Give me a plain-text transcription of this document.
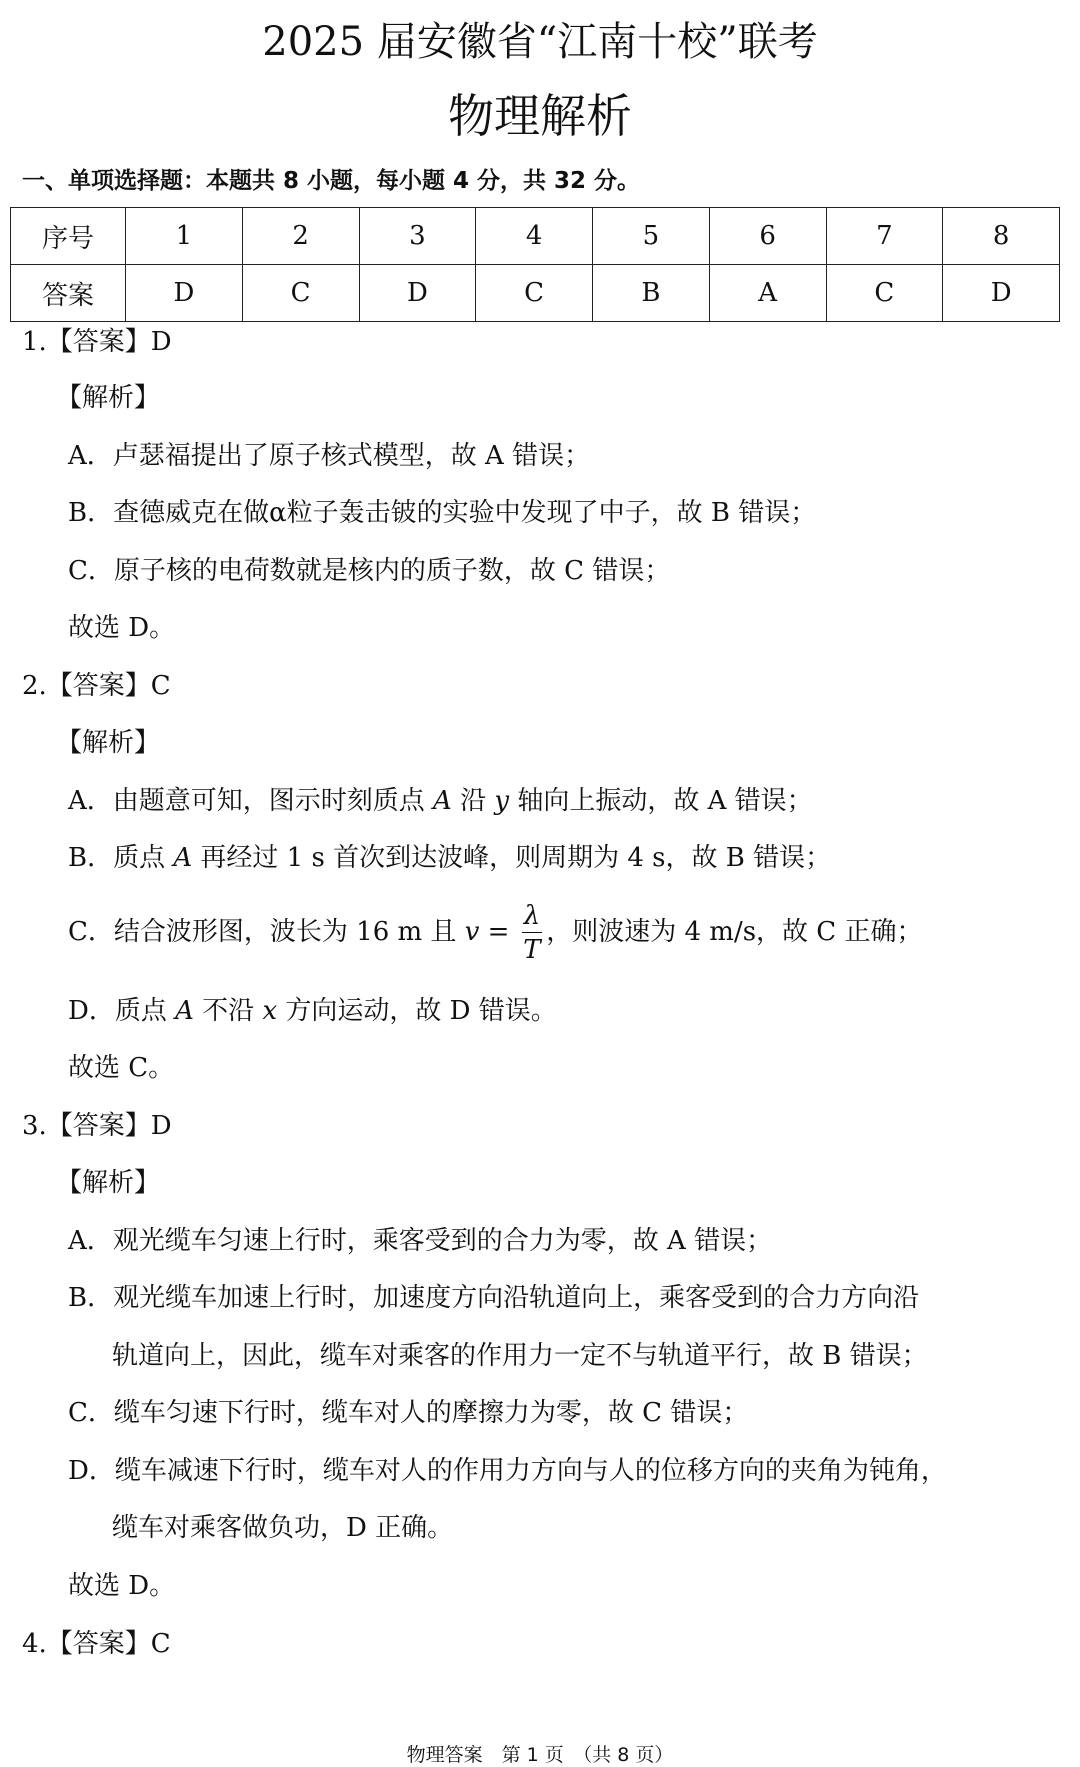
2025 届安徽省“江南十校”联考
物理解析
一、单项选择题：本题共 8 小题，每小题 4 分，共 32 分。
序号	1	2	3	4	5	6	7	8
答案	D	C	D	C	B	A	C	D
1.【答案】D
【解析】
A．卢瑟福提出了原子核式模型，故 A 错误；
B．查德威克在做α粒子轰击铍的实验中发现了中子，故 B 错误；
C．原子核的电荷数就是核内的质子数，故 C 错误；
故选 D。
2.【答案】C
【解析】
A．由题意可知，图示时刻质点 A 沿 y 轴向上振动，故 A 错误；
B．质点 A 再经过 1 s 首次到达波峰，则周期为 4 s，故 B 错误；
C．结合波形图，波长为 16 m 且 $v = \frac{\lambda}{T}$ ，则波速为 4 m/s，故 C 正确；
D．质点 A 不沿 x 方向运动，故 D 错误。
故选 C。
3.【答案】D
【解析】
A．观光缆车匀速上行时，乘客受到的合力为零，故 A 错误；
B．观光缆车加速上行时，加速度方向沿轨道向上，乘客受到的合力方向沿
轨道向上，因此，缆车对乘客的作用力一定不与轨道平行，故 B 错误；
C．缆车匀速下行时，缆车对人的摩擦力为零，故 C 错误；
D．缆车减速下行时，缆车对人的作用力方向与人的位移方向的夹角为钝角，
缆车对乘客做负功，D 正确。
故选 D。
4.【答案】C
物理答案　第 1 页　（共 8 页）
